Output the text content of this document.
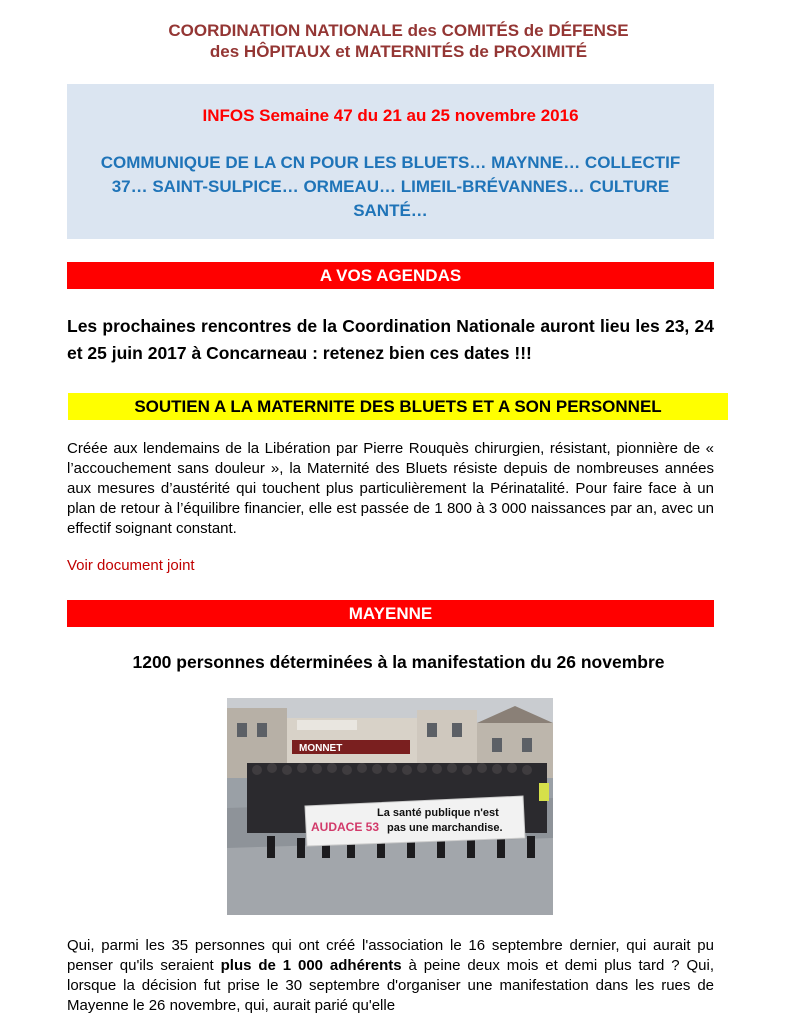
COORDINATION NATIONALE des COMITÉS de DÉFENSE
des HÔPITAUX et MATERNITÉS de PROXIMITÉ
INFOS Semaine 47 du 21 au 25 novembre 2016
COMMUNIQUE DE LA CN POUR LES BLUETS… MAYNNE… COLLECTIF 37… SAINT-SULPICE… ORMEAU… LIMEIL-BRÉVANNES… CULTURE SANTÉ…
A VOS AGENDAS
Les prochaines rencontres de la Coordination Nationale auront lieu les 23, 24 et 25 juin 2017 à Concarneau : retenez bien ces dates !!!
SOUTIEN A LA MATERNITE DES BLUETS ET A SON PERSONNEL
Créée aux lendemains de la Libération par Pierre Rouquès chirurgien, résistant, pionnière de « l’accouchement sans douleur », la Maternité des Bluets résiste depuis de nombreuses années aux mesures d’austérité qui touchent plus particulièrement la Périnatalité. Pour faire face à un plan de retour à l’équilibre financier, elle est passée de 1 800 à 3 000 naissances par an, avec un effectif soignant constant.
Voir document joint
MAYENNE
1200 personnes déterminées à la manifestation du 26 novembre
MONNET
AUDACE 53
La santé publique n'est
pas une marchandise.
Qui, parmi les 35 personnes qui ont créé l'association le 16 septembre dernier, qui aurait pu penser qu'ils seraient plus de 1 000 adhérents à peine deux mois et demi plus tard ? Qui, lorsque la décision fut prise le 30 septembre d'organiser une manifestation dans les rues de Mayenne le 26 novembre, qui, aurait parié qu'elle
